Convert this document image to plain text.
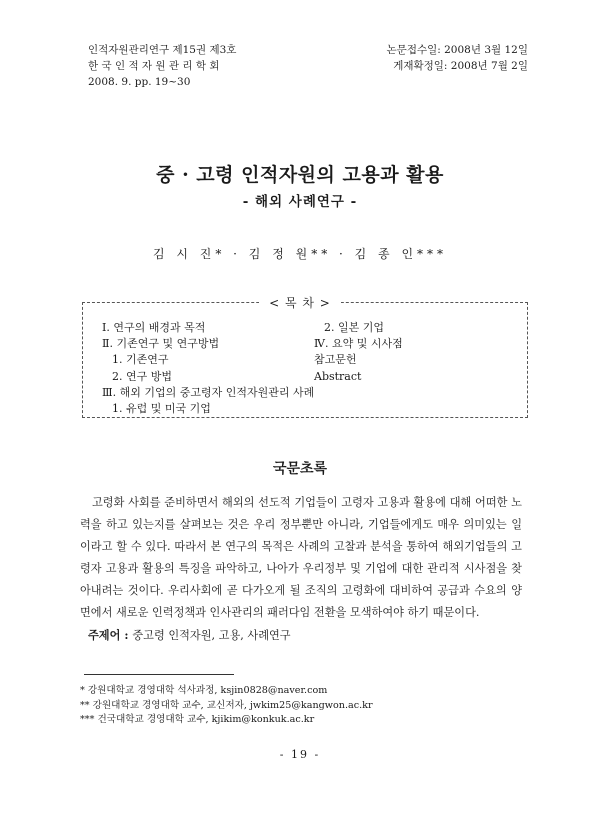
인적자원관리연구 제15권 제3호
한 국 인 적 자 원 관 리 학 회
2008. 9. pp. 19~30
논문접수일: 2008년 3월 12일
게재확정일: 2008년 7월 2일
중 · 고령 인적자원의 고용과 활용
- 해외 사례연구 -
김 시 진* · 김 정 원** · 김 종 인***
< 목 차 >
Ⅰ. 연구의 배경과 목적
Ⅱ. 기존연구 및 연구방법
1. 기존연구
2. 연구 방법
Ⅲ. 해외 기업의 중고령자 인적자원관리 사례
1. 유럽 및 미국 기업
2. 일본 기업
Ⅳ. 요약 및 시사점
참고문헌
Abstract
국문초록
고령화 사회를 준비하면서 해외의 선도적 기업들이 고령자 고용과 활용에 대해 어떠한 노력을 하고 있는지를 살펴보는 것은 우리 정부뿐만 아니라, 기업들에게도 매우 의미있는 일이라고 할 수 있다. 따라서 본 연구의 목적은 사례의 고찰과 분석을 통하여 해외기업들의 고령자 고용과 활용의 특징을 파악하고, 나아가 우리정부 및 기업에 대한 관리적 시사점을 찾아내려는 것이다. 우리사회에 곧 다가오게 될 조직의 고령화에 대비하여 공급과 수요의 양면에서 새로운 인력정책과 인사관리의 패러다임 전환을 모색하여야 하기 때문이다.
주제어 : 중고령 인적자원, 고용, 사례연구
* 강원대학교 경영대학 석사과정, ksjin0828@naver.com
** 강원대학교 경영대학 교수, 교신저자, jwkim25@kangwon.ac.kr
*** 건국대학교 경영대학 교수, kjikim@konkuk.ac.kr
- 19 -
